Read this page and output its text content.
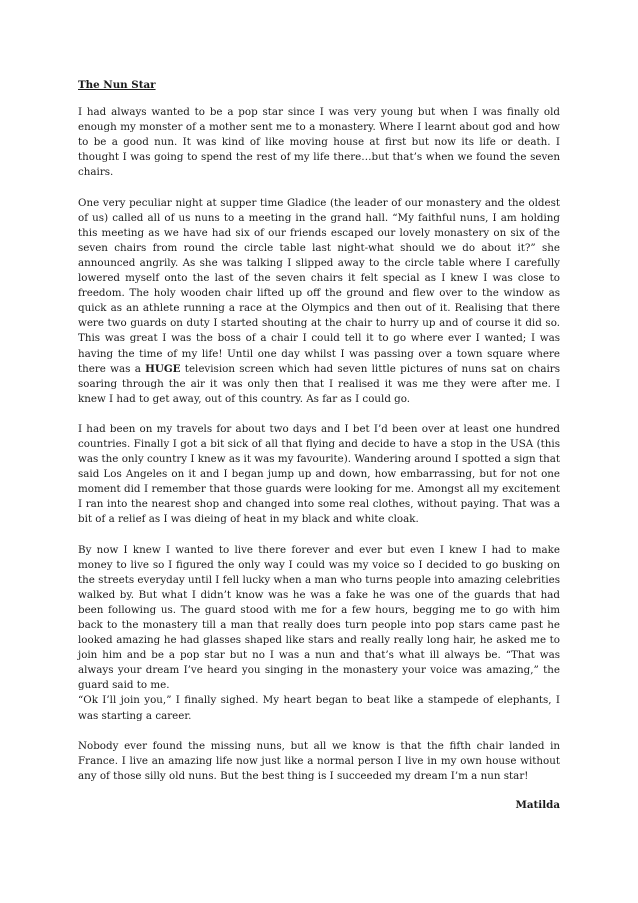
The Nun Star

I had always wanted to be a pop star since I was very young but when I was finally old enough my monster of a mother sent me to a monastery. Where I learnt about god and how to be a good nun. It was kind of like moving house at first but now its life or death. I thought I was going to spend the rest of my life there…but that’s when we found the seven chairs.

One very peculiar night at supper time Gladice (the leader of our monastery and the oldest of us) called all of us nuns to a meeting in the grand hall. “My faithful nuns, I am holding this meeting as we have had six of our friends escaped our lovely monastery on six of the seven chairs from round the circle table last night-what should we do about it?” she announced angrily. As she was talking I slipped away to the circle table where I carefully lowered myself onto the last of the seven chairs it felt special as I knew I was close to freedom. The holy wooden chair lifted up off the ground and flew over to the window as quick as an athlete running a race at the Olympics and then out of it. Realising that there were two guards on duty I started shouting at the chair to hurry up and of course it did so. This was great I was the boss of a chair I could tell it to go where ever I wanted; I was having the time of my life! Until one day whilst I was passing over a town square where there was a HUGE television screen which had seven little pictures of nuns sat on chairs soaring through the air it was only then that I realised it was me they were after me. I knew I had to get away, out of this country. As far as I could go.

I had been on my travels for about two days and I bet I’d been over at least one hundred countries. Finally I got a bit sick of all that flying and decide to have a stop in the USA (this was the only country I knew as it was my favourite). Wandering around I spotted a sign that said Los Angeles on it and I began jump up and down, how embarrassing, but for not one moment did I remember that those guards were looking for me. Amongst all my excitement I ran into the nearest shop and changed into some real clothes, without paying. That was a bit of a relief as I was dieing of heat in my black and white cloak.

By now I knew I wanted to live there forever and ever but even I knew I had to make money to live so I figured the only way I could was my voice so I decided to go busking on the streets everyday until I fell lucky when a man who turns people into amazing celebrities walked by. But what I didn’t know was he was a fake he was one of the guards that had been following us. The guard stood with me for a few hours, begging me to go with him back to the monastery till a man that really does turn people into pop stars came past he looked amazing he had glasses shaped like stars and really really long hair, he asked me to join him and be a pop star but no I was a nun and that’s what ill always be. “That was always your dream I’ve heard you singing in the monastery your voice was amazing,” the guard said to me.

“Ok I’ll join you,” I finally sighed. My heart began to beat like a stampede of elephants, I was starting a career.

Nobody ever found the missing nuns, but all we know is that the fifth chair landed in France. I live an amazing life now just like a normal person I live in my own house without any of those silly old nuns. But the best thing is I succeeded my dream I’m a nun star!

Matilda
